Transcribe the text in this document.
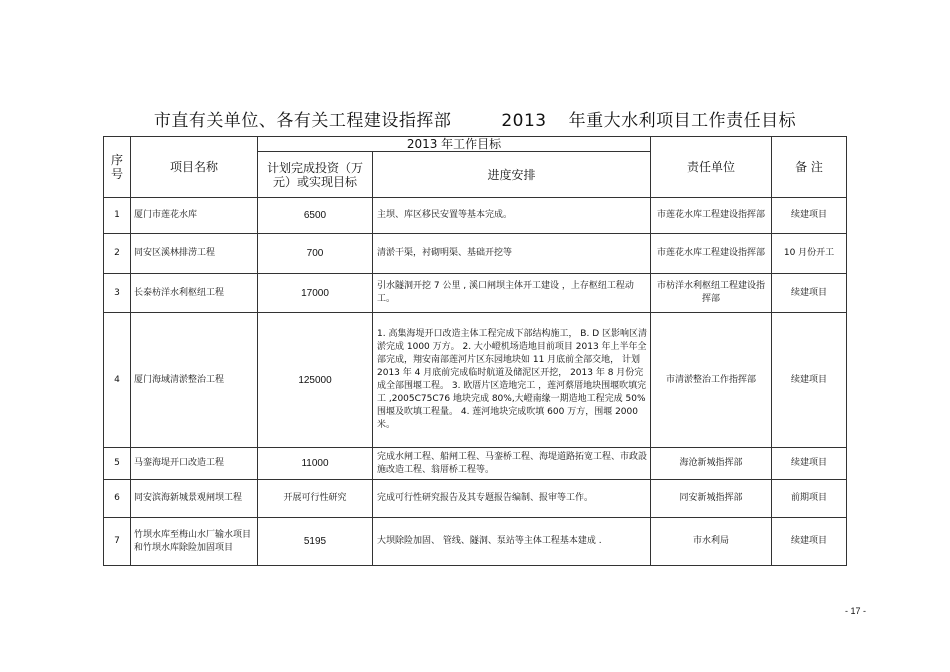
市直有关单位、各有关工程建设指挥部	2013 年重大水利项目工作责任目标
序号	项目名称	2013 年工作目标		责任单位	备 注
		计划完成投资（万元）或实现目标	进度安排		
1	厦门市莲花水库	6500	主坝、库区移民安置等基本完成。	市莲花水库工程建设指挥部	续建项目
2	同安区溪林排涝工程	700	清淤干渠，衬砌明渠、基础开挖等	市莲花水库工程建设指挥部	10 月份开工
3	长泰枋洋水利枢纽工程	17000	引水隧洞开挖 7 公里 , 溪口闸坝主体开工建设 ，上存枢纽工程动工。	市枋洋水利枢纽工程建设指挥部	续建项目
4	厦门海域清淤整治工程	125000	1. 高集海堤开口改造主体工程完成下部结构施工， B. D 区影响区清淤完成 1000 万方。 2. 大小嶝机场造地目前项目 2013 年上半年全部完成，翔安南部莲河片区东园地块如 11 月底前全部交地， 计划 2013 年 4 月底前完成临时航道及储泥区开挖， 2013 年 8 月份完成全部围堰工程。 3. 欧厝片区造地完工 ，莲河蔡厝地块围堰吹填完工 ,2005C75C76 地块完成 80%,大嶝南缘一期造地工程完成 50%围堰及吹填工程量。 4. 莲河地块完成吹填 600 万方，围堰 2000 米。	市清淤整治工作指挥部	续建项目
5	马銮海堤开口改造工程	11000	完成水闸工程、船闸工程、马銮桥工程、海堤道路拓宽工程、市政設施改造工程、翁厝桥工程等。	海沧新城指挥部	续建项目
6	同安滨海新城景观闸坝工程	开展可行性研究	完成可行性研究报告及其专题报告编制、报审等工作。	同安新城指挥部	前期项目
7	竹坝水库至梅山水厂输水项目和竹坝水库除险加固项目	5195	大坝除险加固、 管线、隧洞、泵站等主体工程基本建成 .	市水利局	续建项目
- 17 -
